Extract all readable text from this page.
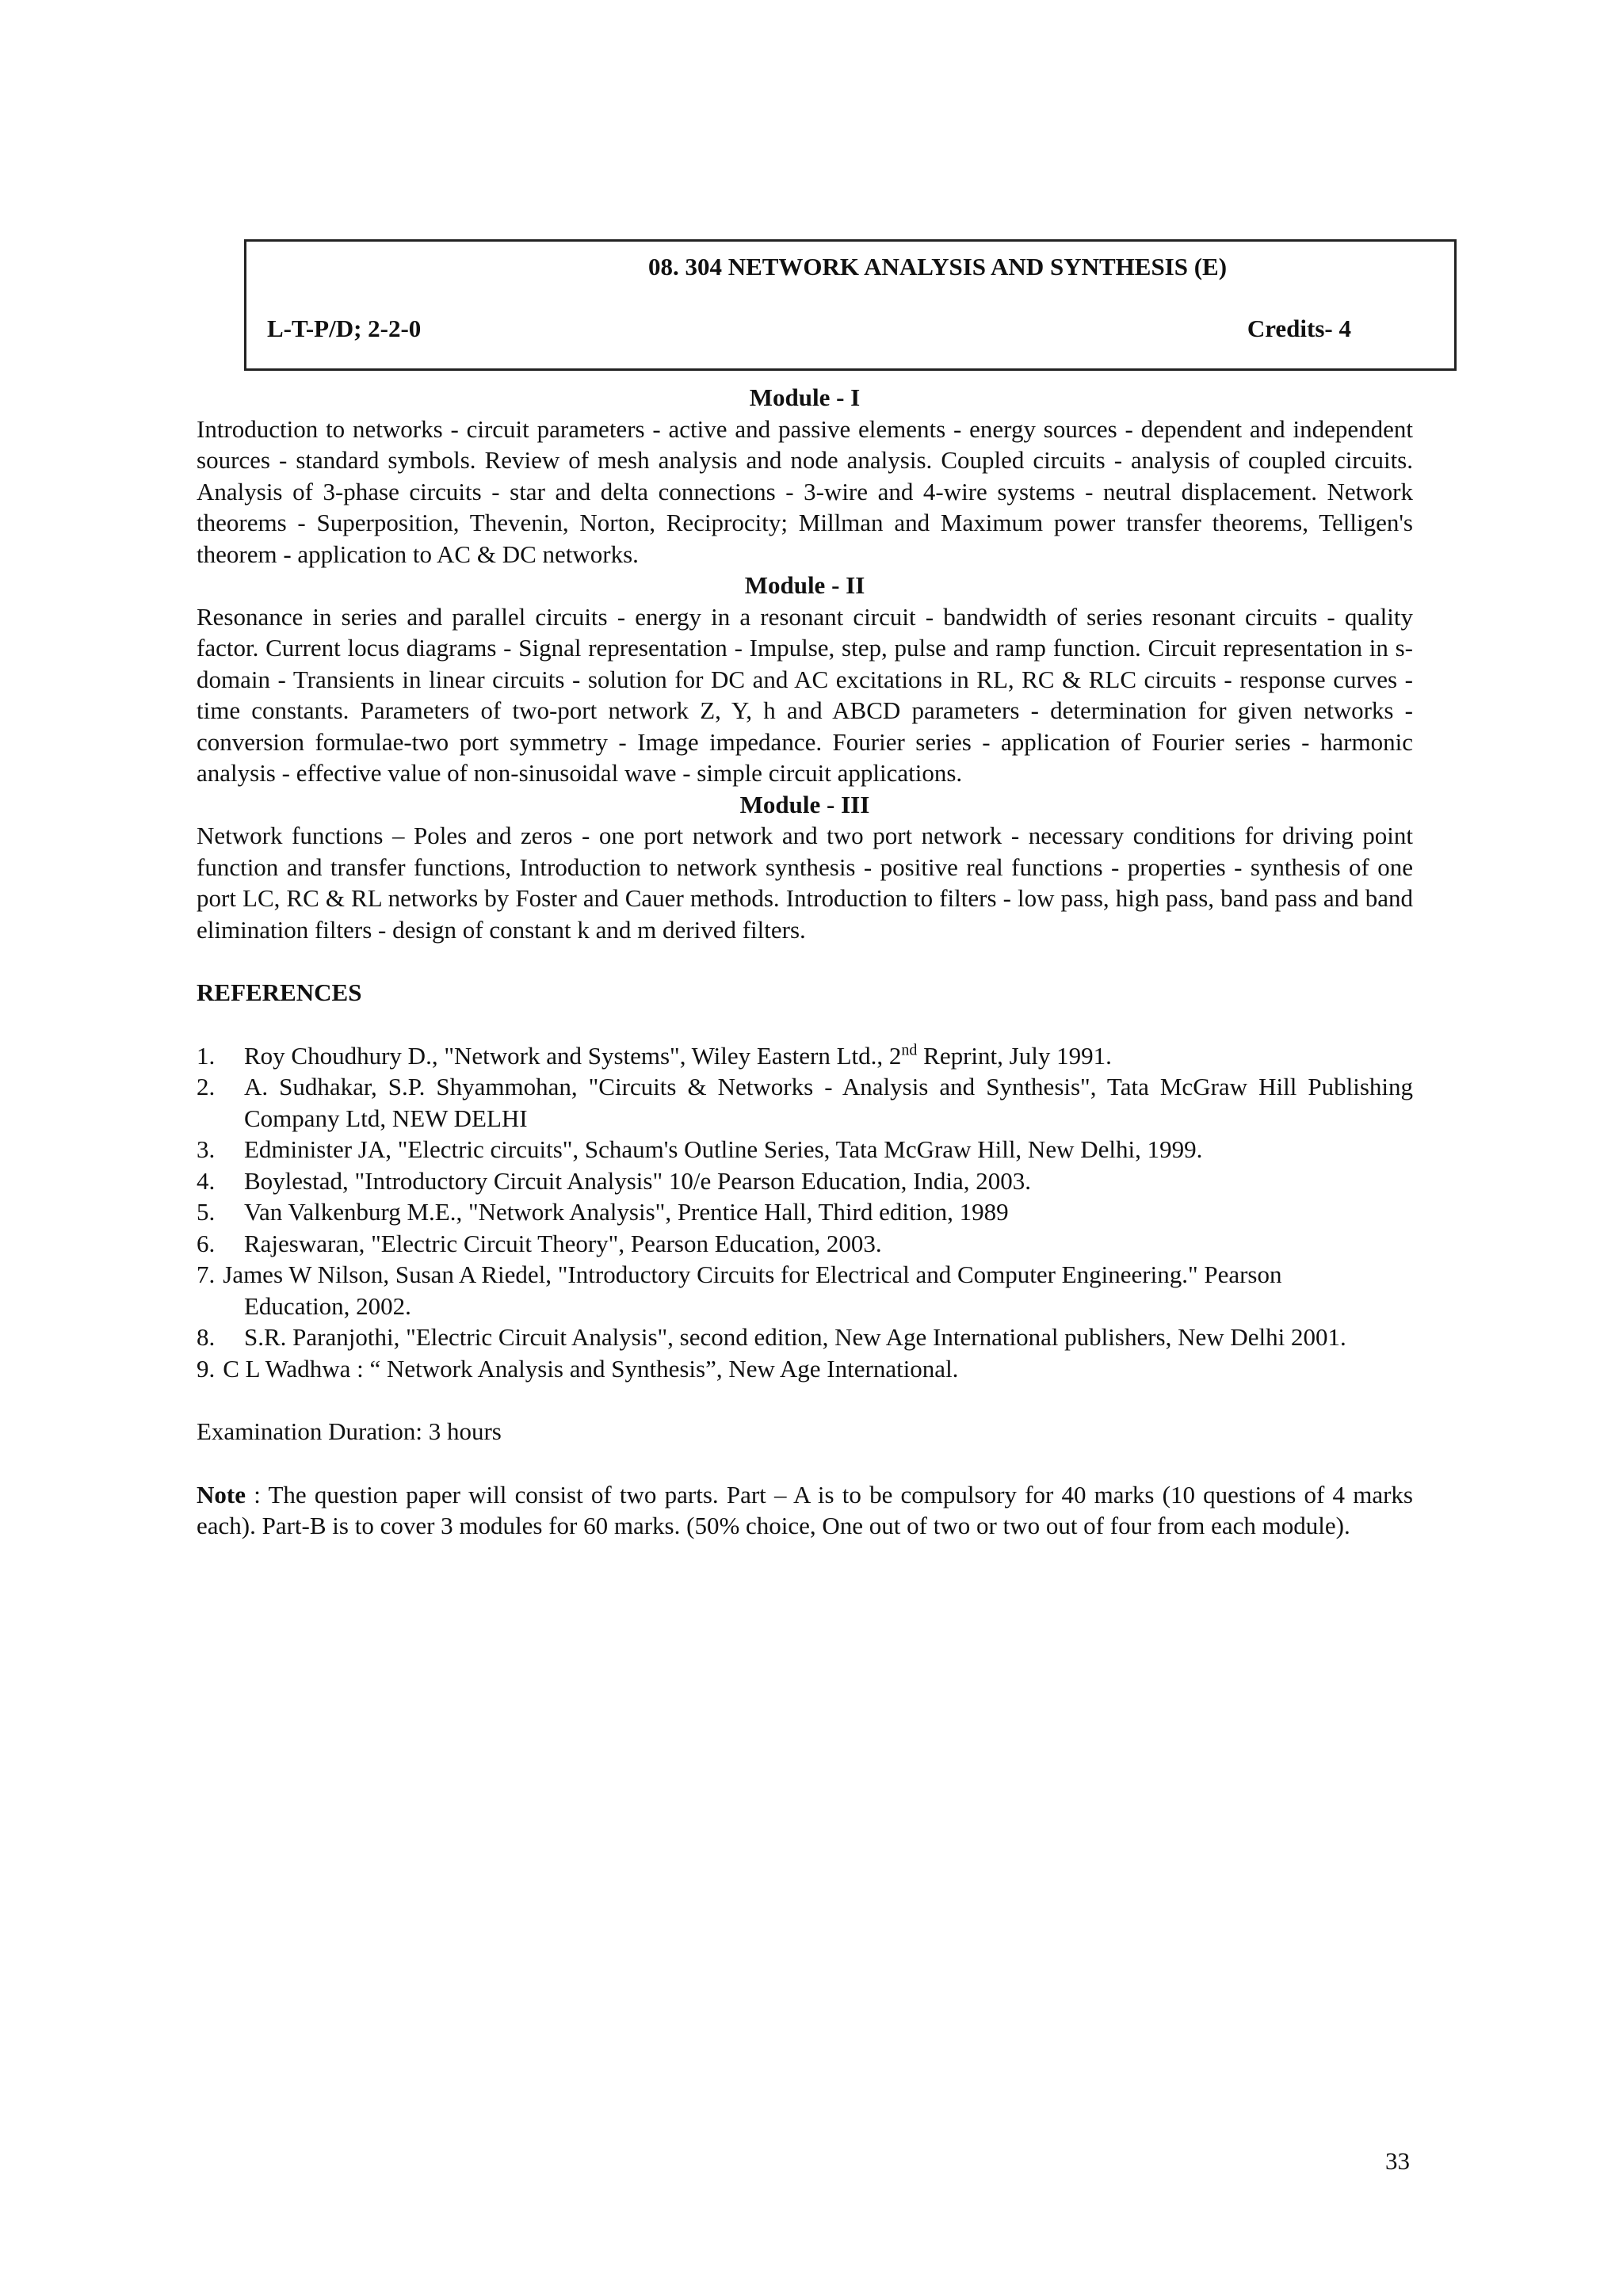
08. 304 NETWORK ANALYSIS AND SYNTHESIS (E)
L-T-P/D; 2-2-0	Credits- 4

Module - I

Introduction to networks - circuit parameters - active and passive elements - energy sources - dependent and independent sources - standard symbols. Review of mesh analysis and node analysis. Coupled circuits - analysis of coupled circuits. Analysis of 3-phase circuits - star and delta connections - 3-wire and 4-wire systems - neutral displacement. Network theorems - Superposition, Thevenin, Norton, Reciprocity; Millman and Maximum power transfer theorems, Telligen's theorem - application to AC & DC networks.

Module - II

Resonance in series and parallel circuits - energy in a resonant circuit - bandwidth of series resonant circuits - quality factor. Current locus diagrams - Signal representation - Impulse, step, pulse and ramp function. Circuit representation in s-domain - Transients in linear circuits - solution for DC and AC excitations in RL, RC & RLC circuits - response curves - time constants. Parameters of two-port network Z, Y, h and ABCD parameters - determination for given networks - conversion formulae-two port symmetry - Image impedance. Fourier series - application of Fourier series - harmonic analysis - effective value of non-sinusoidal wave - simple circuit applications.

Module - III

Network functions – Poles and zeros - one port network and two port network - necessary conditions for driving point function and transfer functions, Introduction to network synthesis - positive real functions - properties - synthesis of one port LC, RC & RL networks by Foster and Cauer methods. Introduction to filters - low pass, high pass, band pass and band elimination filters - design of constant k and m derived filters.

REFERENCES
1. Roy Choudhury D., "Network and Systems", Wiley Eastern Ltd., 2nd Reprint, July 1991.
2. A. Sudhakar, S.P. Shyammohan, "Circuits & Networks - Analysis and Synthesis", Tata McGraw Hill Publishing Company Ltd, NEW DELHI
3. Edminister JA, "Electric circuits", Schaum's Outline Series, Tata McGraw Hill, New Delhi, 1999.
4. Boylestad, "Introductory Circuit Analysis" 10/e Pearson Education, India, 2003.
5. Van Valkenburg M.E., "Network Analysis", Prentice Hall, Third edition, 1989
6. Rajeswaran, "Electric Circuit Theory", Pearson Education, 2003.
7. James W Nilson, Susan A Riedel, "Introductory Circuits for Electrical and Computer Engineering." Pearson
Education, 2002.
8. S.R. Paranjothi, "Electric Circuit Analysis", second edition, New Age International publishers, New Delhi 2001.
9. C L Wadhwa : “ Network Analysis and Synthesis”, New Age International.
Examination Duration: 3 hours
Note : The question paper will consist of two parts. Part – A is to be compulsory for 40 marks (10 questions of 4 marks each). Part-B is to cover 3 modules for 60 marks. (50% choice, One out of two or two out of four from each module).
33
